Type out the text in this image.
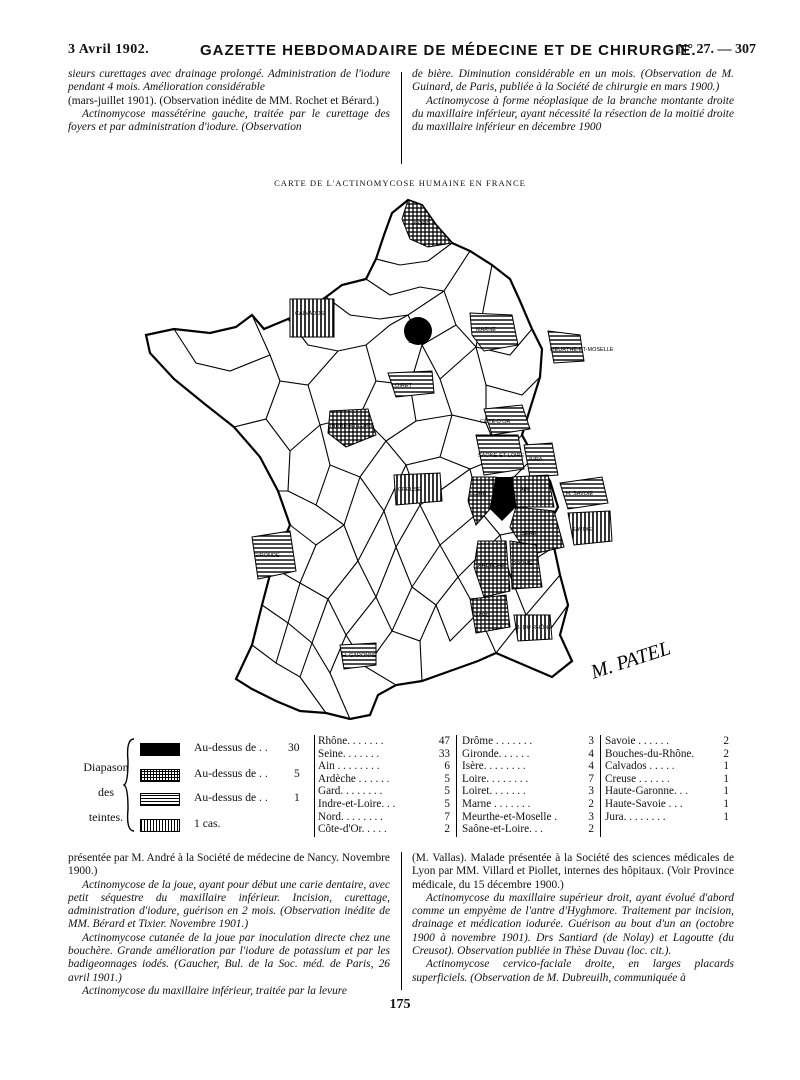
3 Avril 1902.	GAZETTE HEBDOMADAIRE DE MÉDECINE ET DE CHIRURGIE.
N° 27. — 307

sieurs curettages avec drainage prolongé. Administration de l'iodure pendant 4 mois. Amélioration considérable

(mars-juillet 1901). (Observation inédite de MM. Rochet et Bérard.)

Actinomycose massétérine gauche, traitée par le curettage des foyers et par administration d'iodure. (Observation

de bière. Diminution considérable en un mois. (Observation de M. Guinard, de Paris, publiée à la Société de chirurgie en mars 1900.)

Actinomycose à forme néoplasique de la branche montante droite du maxillaire inférieur, ayant nécessité la résection de la moitié droite du maxillaire inférieur en décembre 1900

CARTE DE L'ACTINOMYCOSE HUMAINE EN FRANCE
M. PATEL
CALVADOS
SEINE
MARNE
MEURTHE-ET-MOSELLE
LOIRET
CÔTE-D'OR
INDRE-ET-LOIRE
AIN
CREUSE
SAÔNE-ET-LOIRE
H. SAVOIE
SAVOIE
RHÔNE
ISÈRE
LOIRE
GIRONDE
DRÔME
ARDÈCHE
GARD
B. DU RHÔNE
H. GARONNE
JURA
NORD
Diapason
des
teintes.
Au-dessus de . . 30
Au-dessus de . . 5
Au-dessus de . . 1
1 cas.
Rhône. . . . . . .	47
Seine. . . . . . .	33
Ain . . . . . . . .	6
Ardèche . . . . . .	5
Gard. . . . . . . .	5
Indre-et-Loire. . .	5
Nord. . . . . . . .	7
Côte-d'Or. . . . .	2
Drôme . . . . . . .	3
Gironde. . . . . .	4
Isère. . . . . . . .	4
Loire. . . . . . . .	7
Loiret. . . . . . .	3
Marne . . . . . . .	2
Meurthe-et-Moselle .	3
Saône-et-Loire. . .	2
Savoie . . . . . .	2
Bouches-du-Rhône.	2
Calvados . . . . .	1
Creuse . . . . . .	1
Haute-Garonne. . .	1
Haute-Savoie . . .	1
Jura. . . . . . . .	1

présentée par M. André à la Société de médecine de Nancy. Novembre 1900.)

Actinomycose de la joue, ayant pour début une carie dentaire, avec petit séquestre du maxillaire inférieur. Incision, curettage, administration d'iodure, guérison en 2 mois. (Observation inédite de MM. Bérard et Tixier. Novembre 1901.)

Actinomycose cutanée de la joue par inoculation directe chez une bouchère. Grande amélioration par l'iodure de potassium et par les badigeonnages iodés. (Gaucher, Bul. de la Soc. méd. de Paris, 26 avril 1901.)

Actinomycose du maxillaire inférieur, traitée par la levure

(M. Vallas). Malade présentée à la Société des sciences médicales de Lyon par MM. Villard et Piollet, internes des hôpitaux. (Voir Province médicale, du 15 décembre 1900.)

Actinomycose du maxillaire supérieur droit, ayant évolué d'abord comme un empyème de l'antre d'Hyghmore. Traitement par incision, drainage et médication iodurée. Guérison au bout d'un an (octobre 1900 à novembre 1901). Drs Santiard (de Nolay) et Lagoutte (du Creusot). Observation publiée in Thèse Duvau (loc. cit.).

Actinomycose cervico-faciale droite, en larges placards superficiels. (Observation de M. Dubreuilh, communiquée à

175
